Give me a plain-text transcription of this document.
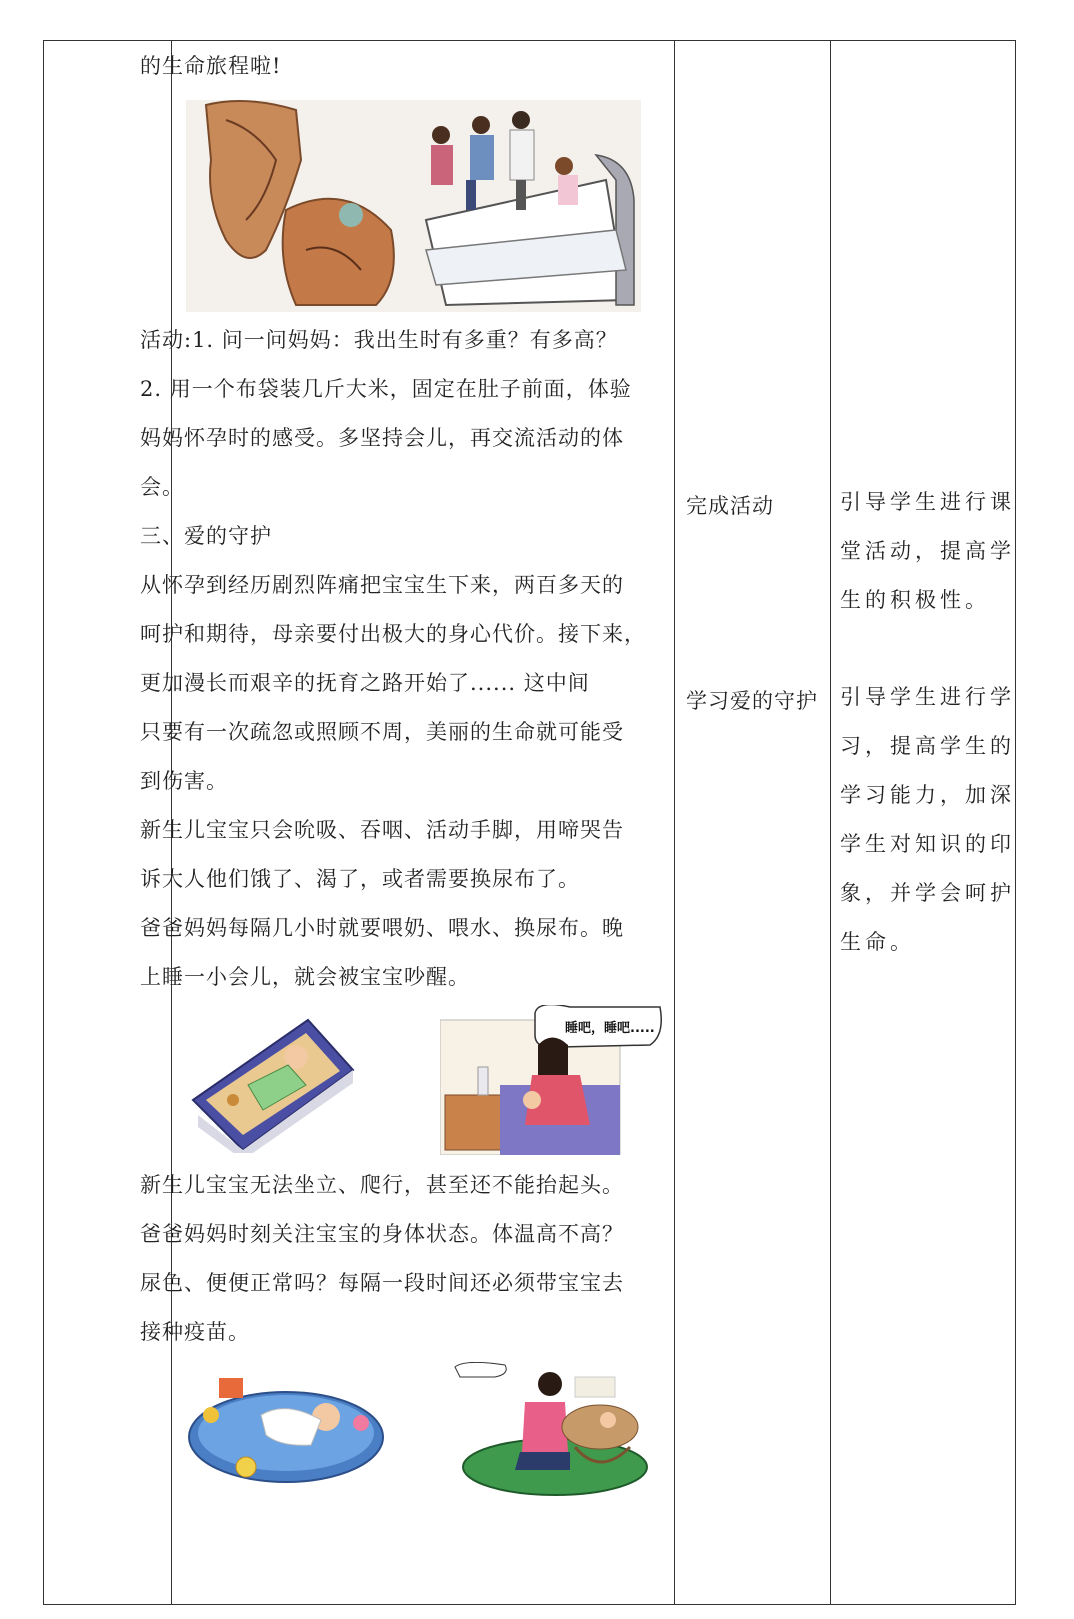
的生命旅程啦!
活动:1. 问一问妈妈：我出生时有多重？有多高？
2. 用一个布袋装几斤大米，固定在肚子前面，体验
妈妈怀孕时的感受。多坚持会儿，再交流活动的体
会。
三、爱的守护
从怀孕到经历剧烈阵痛把宝宝生下来，两百多天的
呵护和期待，母亲要付出极大的身心代价。接下来，
更加漫长而艰辛的抚育之路开始了...... 这中间
只要有一次疏忽或照顾不周，美丽的生命就可能受
到伤害。
新生儿宝宝只会吮吸、吞咽、活动手脚，用啼哭告
诉大人他们饿了、渴了，或者需要换尿布了。
爸爸妈妈每隔几小时就要喂奶、喂水、换尿布。晚
上睡一小会儿，就会被宝宝吵醒。
睡吧，睡吧.....
新生儿宝宝无法坐立、爬行，甚至还不能抬起头。
爸爸妈妈时刻关注宝宝的身体状态。体温高不高？
尿色、便便正常吗？每隔一段时间还必须带宝宝去
接种疫苗。
完成活动
学习爱的守护
引导学生进行课
堂活动，提高学
生的积极性。
引导学生进行学
习，提高学生的
学习能力，加深
学生对知识的印
象，并学会呵护
生命。
